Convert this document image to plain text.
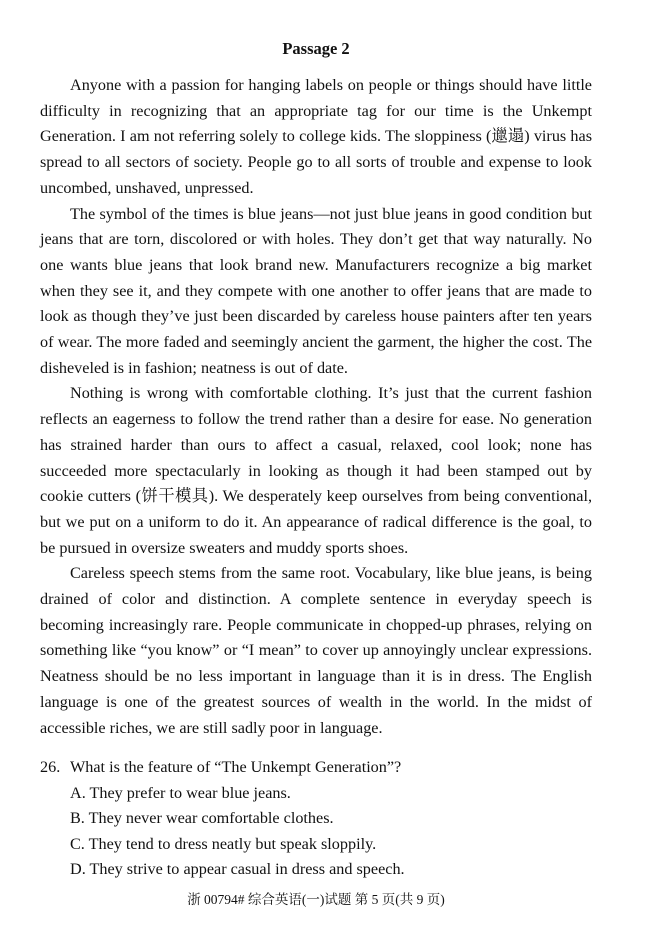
Passage 2

Anyone with a passion for hanging labels on people or things should have little difficulty in recognizing that an appropriate tag for our time is the Unkempt Generation. I am not referring solely to college kids. The sloppiness (邋遢) virus has spread to all sectors of society. People go to all sorts of trouble and expense to look uncombed, unshaved, unpressed.

The symbol of the times is blue jeans—not just blue jeans in good condition but jeans that are torn, discolored or with holes. They don’t get that way naturally. No one wants blue jeans that look brand new. Manufacturers recognize a big market when they see it, and they compete with one another to offer jeans that are made to look as though they’ve just been discarded by careless house painters after ten years of wear. The more faded and seemingly ancient the garment, the higher the cost. The disheveled is in fashion; neatness is out of date.

Nothing is wrong with comfortable clothing. It’s just that the current fashion reflects an eagerness to follow the trend rather than a desire for ease. No generation has strained harder than ours to affect a casual, relaxed, cool look; none has succeeded more spectacularly in looking as though it had been stamped out by cookie cutters (饼干模具). We desperately keep ourselves from being conventional, but we put on a uniform to do it. An appearance of radical difference is the goal, to be pursued in oversize sweaters and muddy sports shoes.

Careless speech stems from the same root. Vocabulary, like blue jeans, is being drained of color and distinction. A complete sentence in everyday speech is becoming increasingly rare. People communicate in chopped-up phrases, relying on something like “you know” or “I mean” to cover up annoyingly unclear expressions. Neatness should be no less important in language than it is in dress. The English language is one of the greatest sources of wealth in the world. In the midst of accessible riches, we are still sadly poor in language.

26. What is the feature of “The Unkempt Generation”?
A. They prefer to wear blue jeans.
B. They never wear comfortable clothes.
C. They tend to dress neatly but speak sloppily.
D. They strive to appear casual in dress and speech.
浙 00794# 综合英语(一)试题 第 5 页(共 9 页)
